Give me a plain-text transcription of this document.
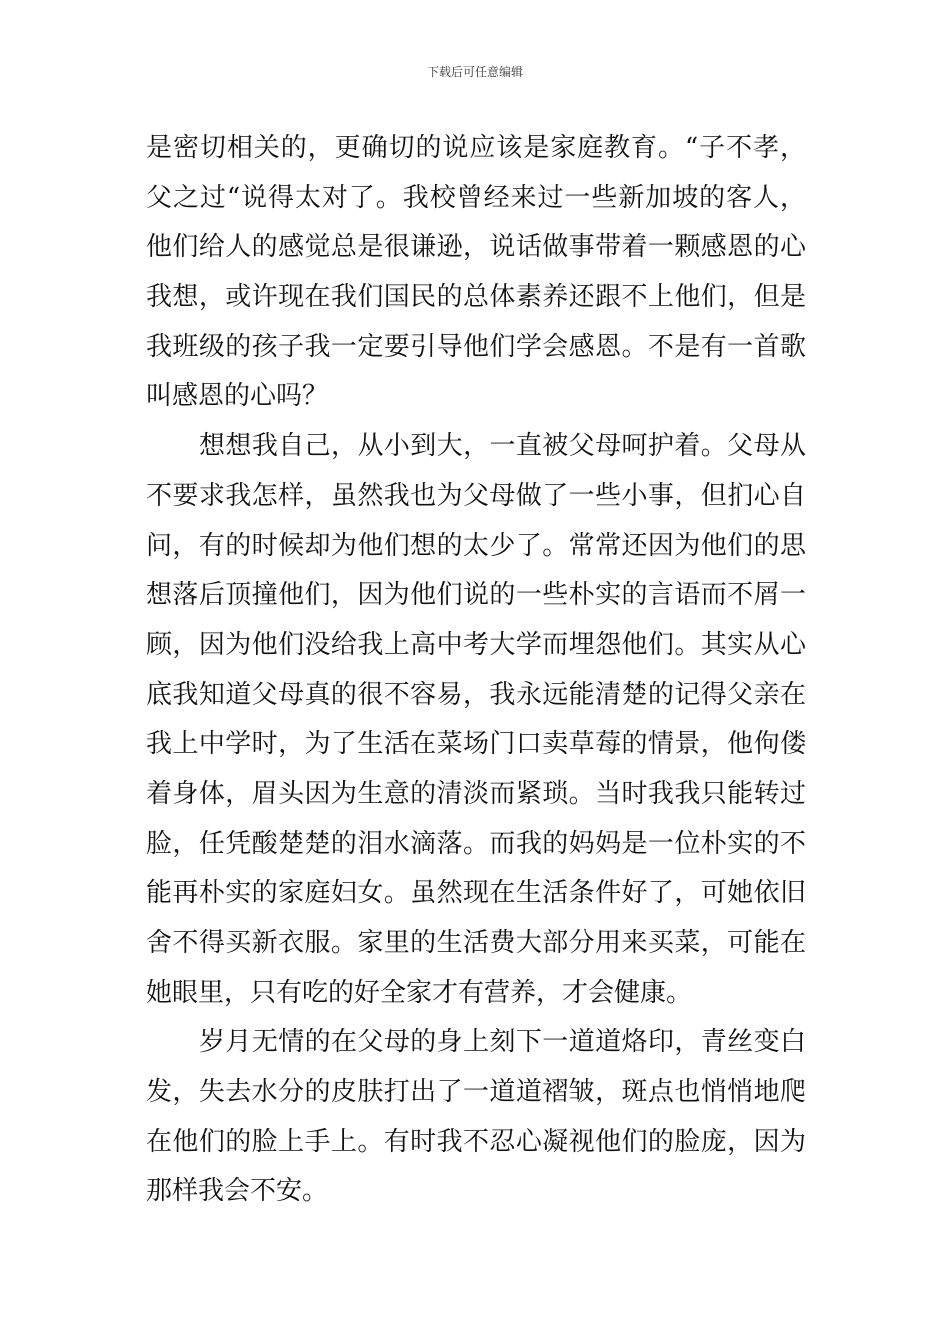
下载后可任意编辑
是密切相关的，更确切的说应该是家庭教育。“子不孝，
父之过“说得太对了。我校曾经来过一些新加坡的客人，
他们给人的感觉总是很谦逊，说话做事带着一颗感恩的心
我想，或许现在我们国民的总体素养还跟不上他们，但是
我班级的孩子我一定要引导他们学会感恩。不是有一首歌
叫感恩的心吗？
想想我自己，从小到大，一直被父母呵护着。父母从
不要求我怎样，虽然我也为父母做了一些小事，但扪心自
问，有的时候却为他们想的太少了。常常还因为他们的思
想落后顶撞他们，因为他们说的一些朴实的言语而不屑一
顾，因为他们没给我上高中考大学而埋怨他们。其实从心
底我知道父母真的很不容易，我永远能清楚的记得父亲在
我上中学时，为了生活在菜场门口卖草莓的情景，他佝偻
着身体，眉头因为生意的清淡而紧琐。当时我我只能转过
脸，任凭酸楚楚的泪水滴落。而我的妈妈是一位朴实的不
能再朴实的家庭妇女。虽然现在生活条件好了，可她依旧
舍不得买新衣服。家里的生活费大部分用来买菜，可能在
她眼里，只有吃的好全家才有营养，才会健康。
岁月无情的在父母的身上刻下一道道烙印，青丝变白
发，失去水分的皮肤打出了一道道褶皱，斑点也悄悄地爬
在他们的脸上手上。有时我不忍心凝视他们的脸庞，因为
那样我会不安。
